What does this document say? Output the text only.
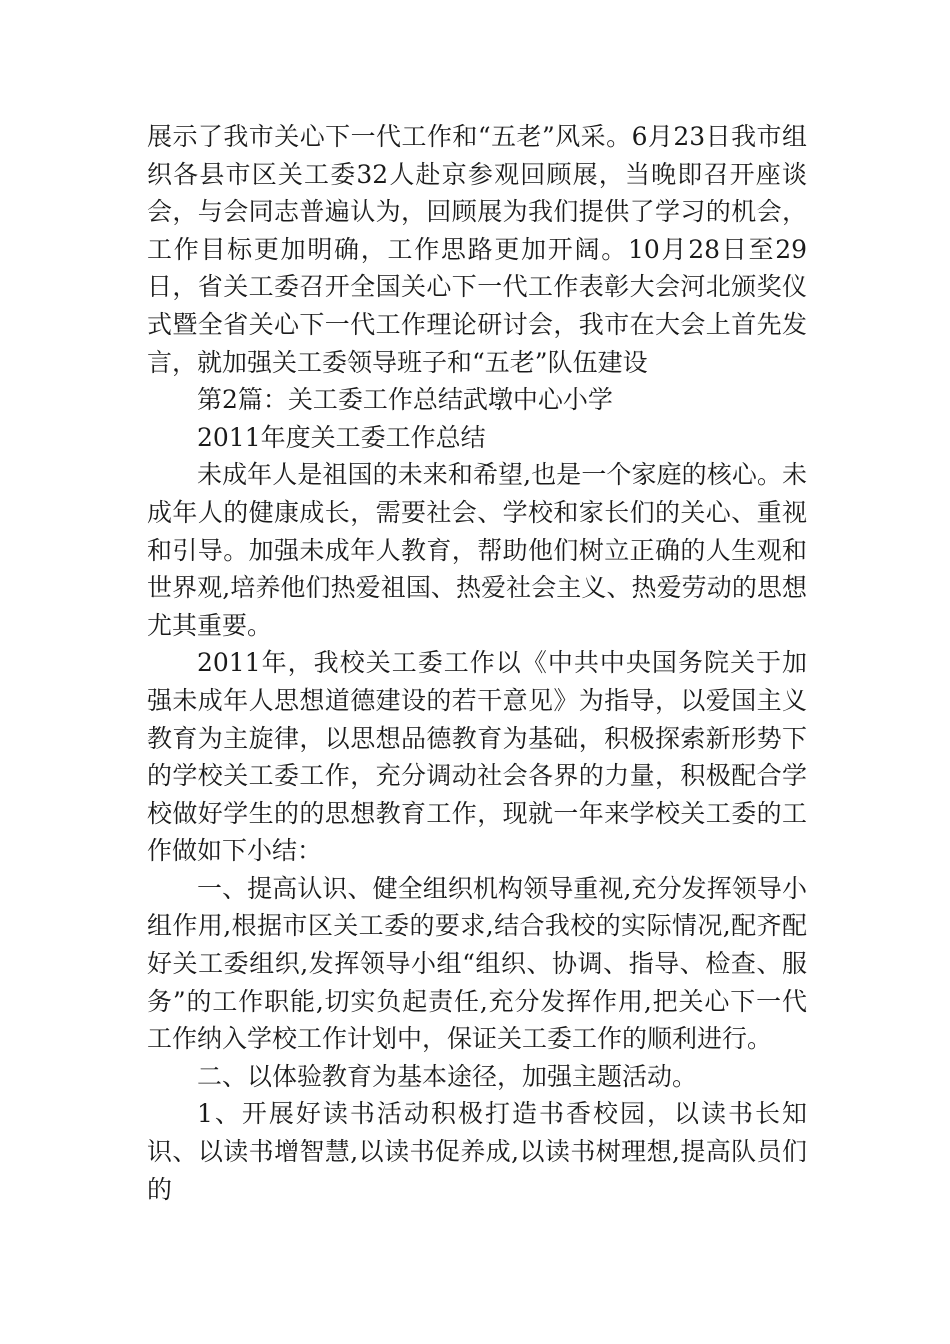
展示了我市关心下一代工作和“五老”风采。6月23日我市组织各县市区关工委32人赴京参观回顾展，当晚即召开座谈会，与会同志普遍认为，回顾展为我们提供了学习的机会，工作目标更加明确，工作思路更加开阔。10月28日至29日，省关工委召开全国关心下一代工作表彰大会河北颁奖仪式暨全省关心下一代工作理论研讨会，我市在大会上首先发言，就加强关工委领导班子和“五老”队伍建设

第2篇：关工委工作总结武墩中心小学

2011年度关工委工作总结

未成年人是祖国的未来和希望,也是一个家庭的核心。未成年人的健康成长，需要社会、学校和家长们的关心、重视和引导。加强未成年人教育，帮助他们树立正确的人生观和世界观,培养他们热爱祖国、热爱社会主义、热爱劳动的思想尤其重要。

2011年，我校关工委工作以《中共中央国务院关于加强未成年人思想道德建设的若干意见》为指导，以爱国主义教育为主旋律，以思想品德教育为基础，积极探索新形势下的学校关工委工作，充分调动社会各界的力量，积极配合学校做好学生的的思想教育工作，现就一年来学校关工委的工作做如下小结：

一、提高认识、健全组织机构领导重视,充分发挥领导小组作用,根据市区关工委的要求,结合我校的实际情况,配齐配好关工委组织,发挥领导小组“组织、协调、指导、检查、服务”的工作职能,切实负起责任,充分发挥作用,把关心下一代工作纳入学校工作计划中，保证关工委工作的顺利进行。

二、以体验教育为基本途径，加强主题活动。

1、开展好读书活动积极打造书香校园，以读书长知识、以读书增智慧,以读书促养成,以读书树理想,提高队员们的
